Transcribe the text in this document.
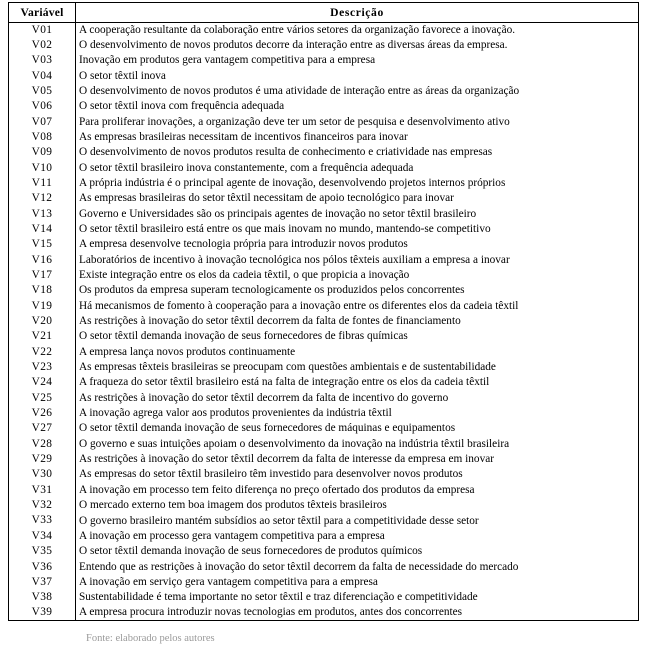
Variável	Descrição
V01	A cooperação resultante da colaboração entre vários setores da organização favorece a inovação.
V02	O desenvolvimento de novos produtos decorre da interação entre as diversas áreas da empresa.
V03	Inovação em produtos gera vantagem competitiva para a empresa
V04	O setor têxtil inova
V05	O desenvolvimento de novos produtos é uma atividade de interação entre as áreas da organização
V06	O setor têxtil inova com frequência adequada
V07	Para proliferar inovações, a organização deve ter um setor de pesquisa e desenvolvimento ativo
V08	As empresas brasileiras necessitam de incentivos financeiros para inovar
V09	O desenvolvimento de novos produtos resulta de conhecimento e criatividade nas empresas
V10	O setor têxtil brasileiro inova constantemente, com a frequência adequada
V11	A própria indústria é o principal agente de inovação, desenvolvendo projetos internos próprios
V12	As empresas brasileiras do setor têxtil necessitam de apoio tecnológico para inovar
V13	Governo e Universidades são os principais agentes de inovação no setor têxtil brasileiro
V14	O setor têxtil brasileiro está entre os que mais inovam no mundo, mantendo-se competitivo
V15	A empresa desenvolve tecnologia própria para introduzir novos produtos
V16	Laboratórios de incentivo à inovação tecnológica nos pólos têxteis auxiliam a empresa a inovar
V17	Existe integração entre os elos da cadeia têxtil, o que propicia a inovação
V18	Os produtos da empresa superam tecnologicamente os produzidos pelos concorrentes
V19	Há mecanismos de fomento à cooperação para a inovação entre os diferentes elos da cadeia têxtil
V20	As restrições à inovação do setor têxtil decorrem da falta de fontes de financiamento
V21	O setor têxtil demanda inovação de seus fornecedores de fibras químicas
V22	A empresa lança novos produtos continuamente
V23	As empresas têxteis brasileiras se preocupam com questões ambientais e de sustentabilidade
V24	A fraqueza do setor têxtil brasileiro está na falta de integração entre os elos da cadeia têxtil
V25	As restrições à inovação do setor têxtil decorrem da falta de incentivo do governo
V26	A inovação agrega valor aos produtos provenientes da indústria têxtil
V27	O setor têxtil demanda inovação de seus fornecedores de máquinas e equipamentos
V28	O governo e suas intuições apoiam o desenvolvimento da inovação na indústria têxtil brasileira
V29	As restrições à inovação do setor têxtil decorrem da falta de interesse da empresa em inovar
V30	As empresas do setor têxtil brasileiro têm investido para desenvolver novos produtos
V31	A inovação em processo tem feito diferença no preço ofertado dos produtos da empresa
V32	O mercado externo tem boa imagem dos produtos têxteis brasileiros
V33	O governo brasileiro mantém subsídios ao setor têxtil para a competitividade desse setor
V34	A inovação em processo gera vantagem competitiva para a empresa
V35	O setor têxtil demanda inovação de seus fornecedores de produtos químicos
V36	Entendo que as restrições à inovação do setor têxtil decorrem da falta de necessidade do mercado
V37	A inovação em serviço gera vantagem competitiva para a empresa
V38	Sustentabilidade é tema importante no setor têxtil e traz diferenciação e competitividade
V39	A empresa procura introduzir novas tecnologias em produtos, antes dos concorrentes
Fonte: elaborado pelos autores
